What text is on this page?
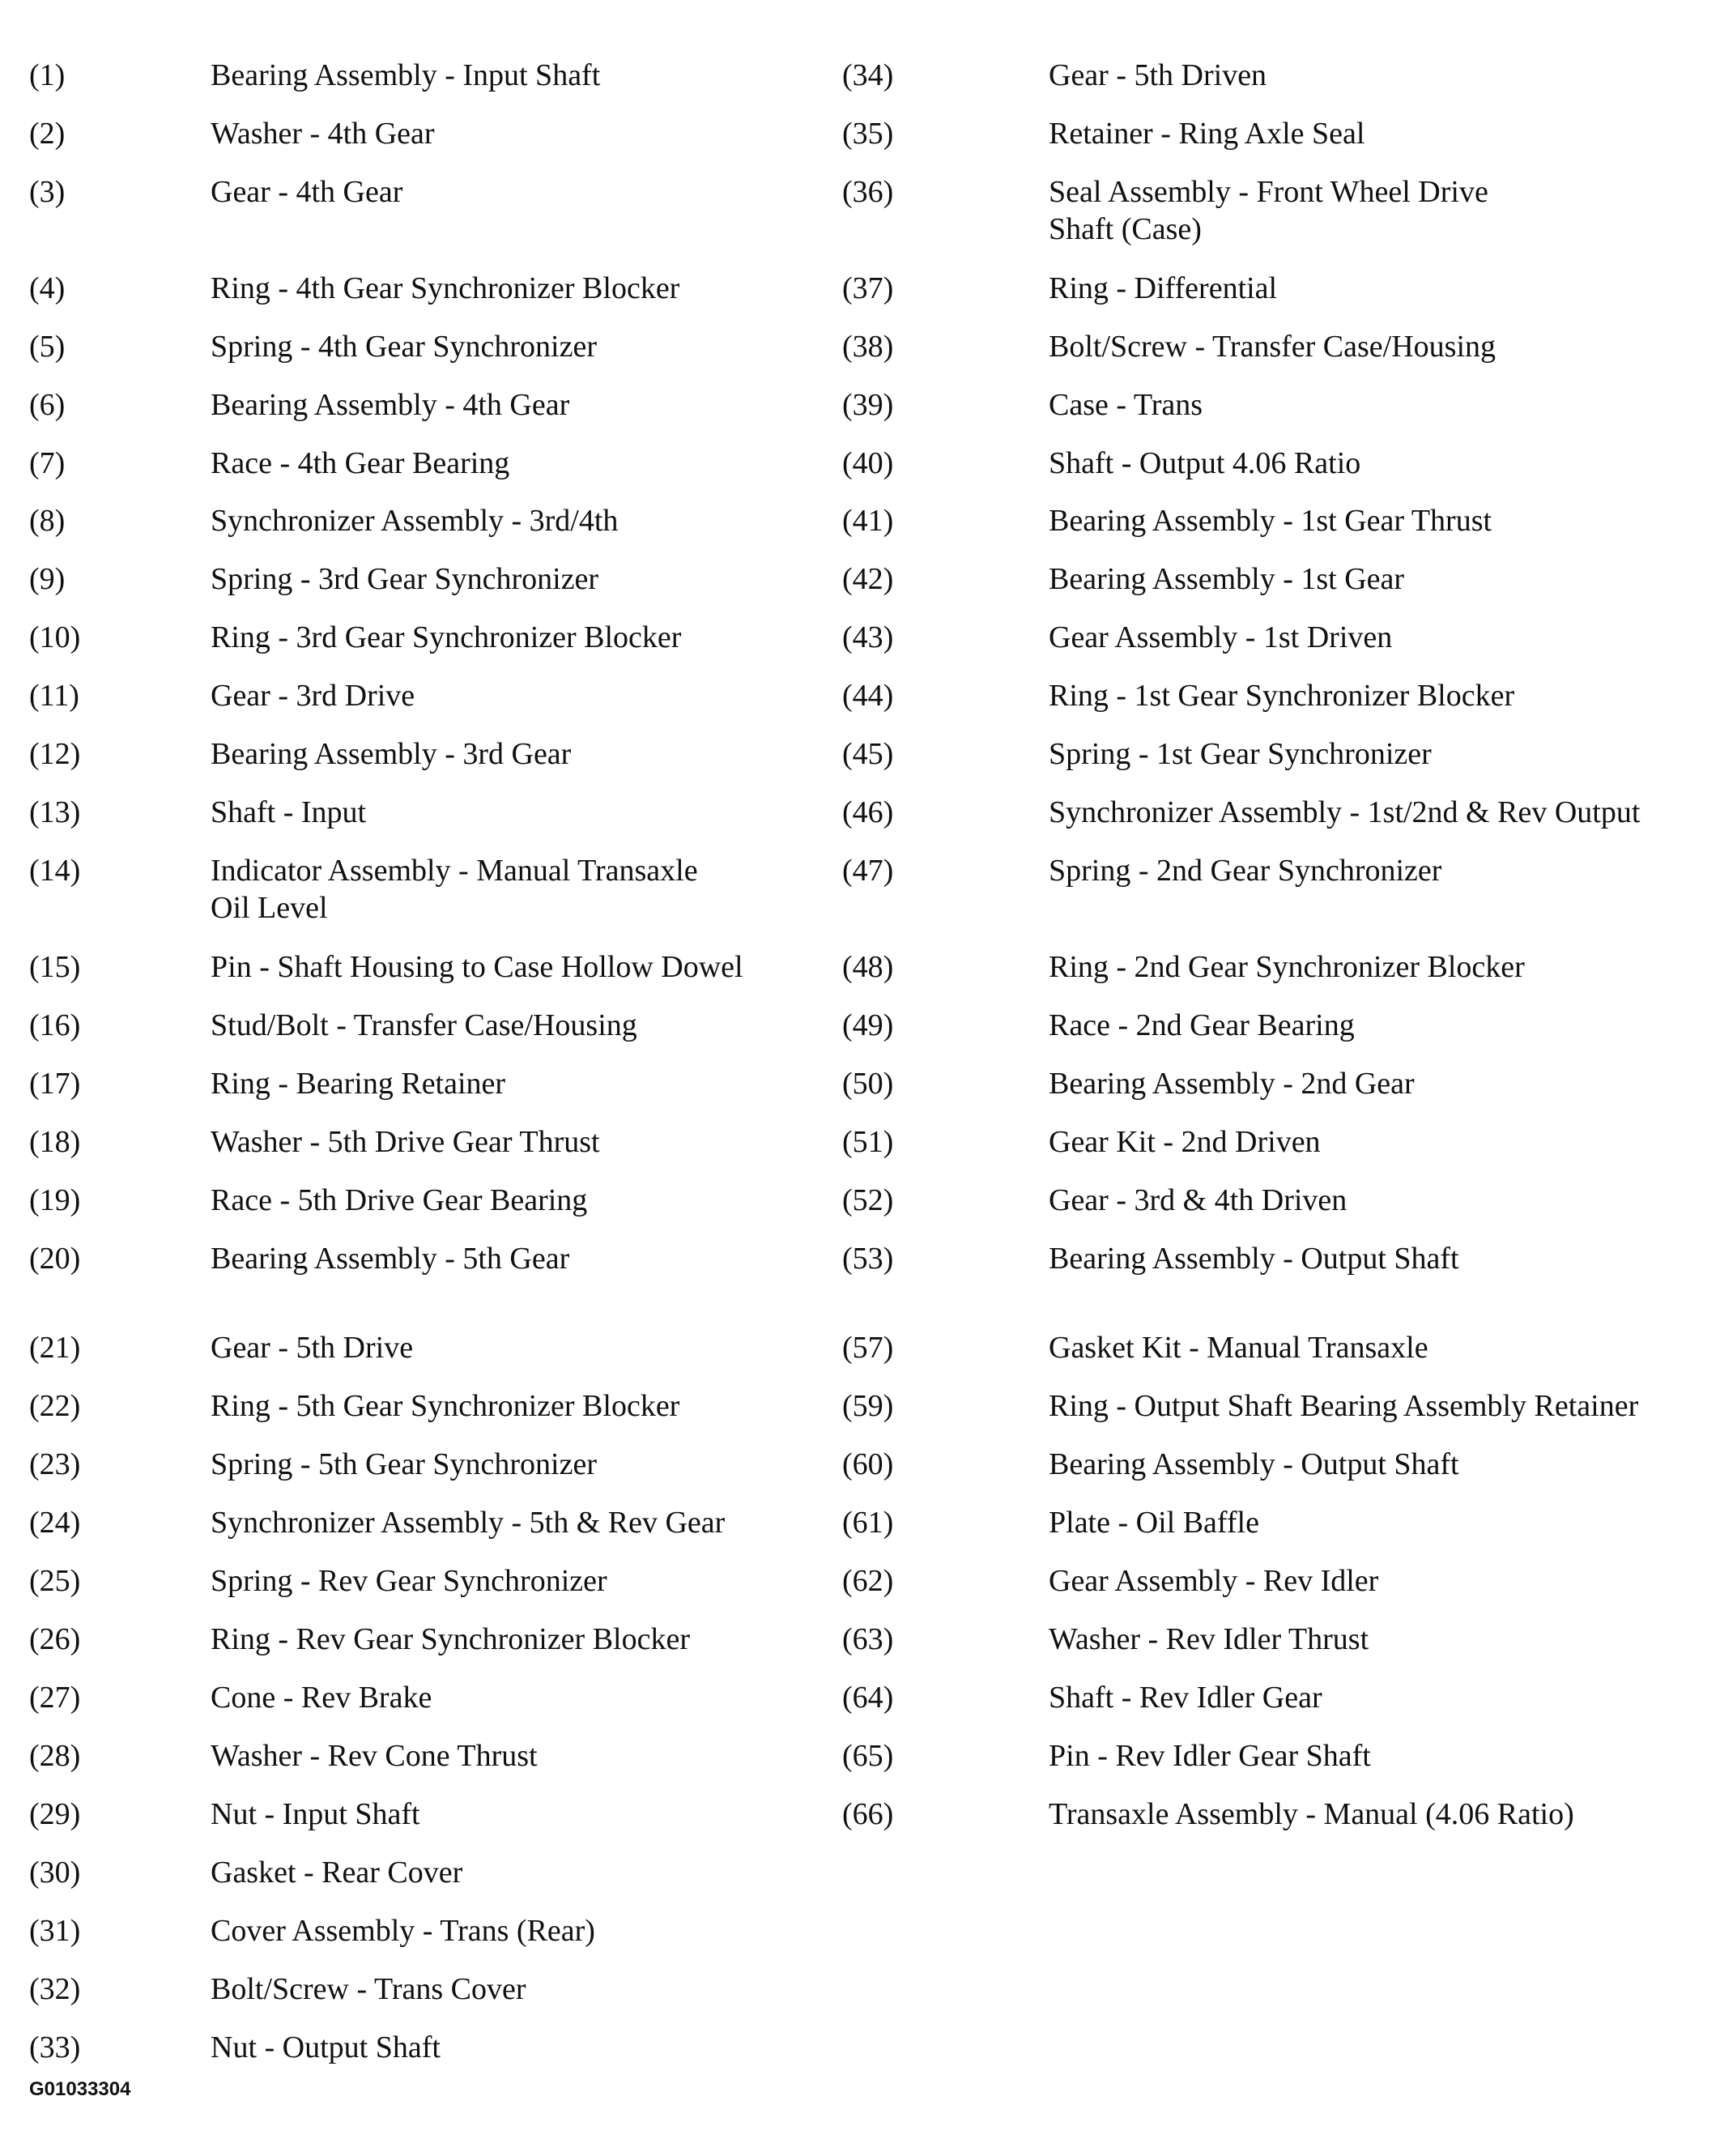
(1)	Bearing Assembly - Input Shaft
(2)	Washer - 4th Gear
(3)	Gear - 4th Gear
(4)	Ring - 4th Gear Synchronizer Blocker
(5)	Spring - 4th Gear Synchronizer
(6)	Bearing Assembly - 4th Gear
(7)	Race - 4th Gear Bearing
(8)	Synchronizer Assembly - 3rd/4th
(9)	Spring - 3rd Gear Synchronizer
(10)	Ring - 3rd Gear Synchronizer Blocker
(11)	Gear - 3rd Drive
(12)	Bearing Assembly - 3rd Gear
(13)	Shaft - Input
(14)	Indicator Assembly - Manual Transaxle
Oil Level
(15)	Pin - Shaft Housing to Case Hollow Dowel
(16)	Stud/Bolt - Transfer Case/Housing
(17)	Ring - Bearing Retainer
(18)	Washer - 5th Drive Gear Thrust
(19)	Race - 5th Drive Gear Bearing
(20)	Bearing Assembly - 5th Gear
(21)	Gear - 5th Drive
(22)	Ring - 5th Gear Synchronizer Blocker
(23)	Spring - 5th Gear Synchronizer
(24)	Synchronizer Assembly - 5th & Rev Gear
(25)	Spring - Rev Gear Synchronizer
(26)	Ring - Rev Gear Synchronizer Blocker
(27)	Cone - Rev Brake
(28)	Washer - Rev Cone Thrust
(29)	Nut - Input Shaft
(30)	Gasket - Rear Cover
(31)	Cover Assembly - Trans (Rear)
(32)	Bolt/Screw - Trans Cover
(33)	Nut - Output Shaft
(34)	Gear - 5th Driven
(35)	Retainer - Ring Axle Seal
(36)	Seal Assembly - Front Wheel Drive
Shaft (Case)
(37)	Ring - Differential
(38)	Bolt/Screw - Transfer Case/Housing
(39)	Case - Trans
(40)	Shaft - Output 4.06 Ratio
(41)	Bearing Assembly - 1st Gear Thrust
(42)	Bearing Assembly - 1st Gear
(43)	Gear Assembly - 1st Driven
(44)	Ring - 1st Gear Synchronizer Blocker
(45)	Spring - 1st Gear Synchronizer
(46)	Synchronizer Assembly - 1st/2nd & Rev Output
(47)	Spring - 2nd Gear Synchronizer
(48)	Ring - 2nd Gear Synchronizer Blocker
(49)	Race - 2nd Gear Bearing
(50)	Bearing Assembly - 2nd Gear
(51)	Gear Kit - 2nd Driven
(52)	Gear - 3rd & 4th Driven
(53)	Bearing Assembly - Output Shaft
(57)	Gasket Kit - Manual Transaxle
(59)	Ring - Output Shaft Bearing Assembly Retainer
(60)	Bearing Assembly - Output Shaft
(61)	Plate - Oil Baffle
(62)	Gear Assembly - Rev Idler
(63)	Washer - Rev Idler Thrust
(64)	Shaft - Rev Idler Gear
(65)	Pin - Rev Idler Gear Shaft
(66)	Transaxle Assembly - Manual (4.06 Ratio)
G01033304
